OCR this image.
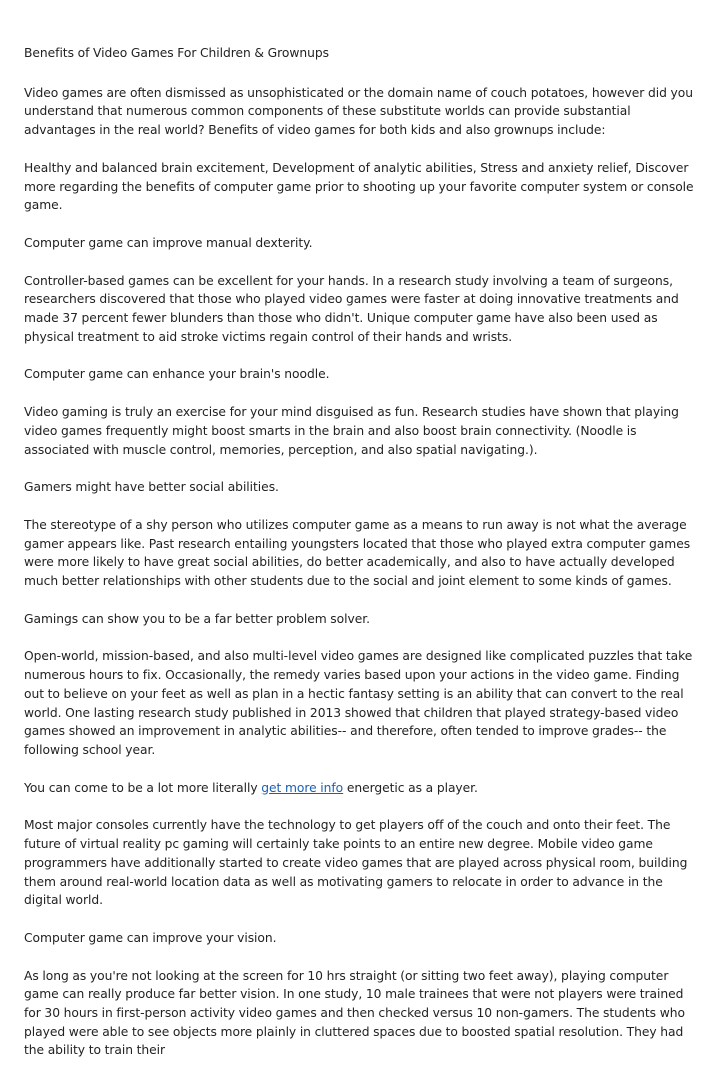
Benefits of Video Games For Children & Grownups

Video games are often dismissed as unsophisticated or the domain name of couch potatoes, however did you understand that numerous common components of these substitute worlds can provide substantial advantages in the real world? Benefits of video games for both kids and also grownups include:

Healthy and balanced brain excitement, Development of analytic abilities, Stress and anxiety relief, Discover more regarding the benefits of computer game prior to shooting up your favorite computer system or console game.

Computer game can improve manual dexterity.

Controller-based games can be excellent for your hands. In a research study involving a team of surgeons, researchers discovered that those who played video games were faster at doing innovative treatments and made 37 percent fewer blunders than those who didn't. Unique computer game have also been used as physical treatment to aid stroke victims regain control of their hands and wrists.

Computer game can enhance your brain's noodle.

Video gaming is truly an exercise for your mind disguised as fun. Research studies have shown that playing video games frequently might boost smarts in the brain and also boost brain connectivity. (Noodle is associated with muscle control, memories, perception, and also spatial navigating.).

Gamers might have better social abilities.

The stereotype of a shy person who utilizes computer game as a means to run away is not what the average gamer appears like. Past research entailing youngsters located that those who played extra computer games were more likely to have great social abilities, do better academically, and also to have actually developed much better relationships with other students due to the social and joint element to some kinds of games.

Gamings can show you to be a far better problem solver.

Open-world, mission-based, and also multi-level video games are designed like complicated puzzles that take numerous hours to fix. Occasionally, the remedy varies based upon your actions in the video game. Finding out to believe on your feet as well as plan in a hectic fantasy setting is an ability that can convert to the real world. One lasting research study published in 2013 showed that children that played strategy-based video games showed an improvement in analytic abilities-- and therefore, often tended to improve grades-- the following school year.

You can come to be a lot more literally get more info energetic as a player.

Most major consoles currently have the technology to get players off of the couch and onto their feet. The future of virtual reality pc gaming will certainly take points to an entire new degree. Mobile video game programmers have additionally started to create video games that are played across physical room, building them around real-world location data as well as motivating gamers to relocate in order to advance in the digital world.

Computer game can improve your vision.

As long as you're not looking at the screen for 10 hrs straight (or sitting two feet away), playing computer game can really produce far better vision. In one study, 10 male trainees that were not players were trained for 30 hours in first-person activity video games and then checked versus 10 non-gamers. The students who played were able to see objects more plainly in cluttered spaces due to boosted spatial resolution. They had the ability to train their
